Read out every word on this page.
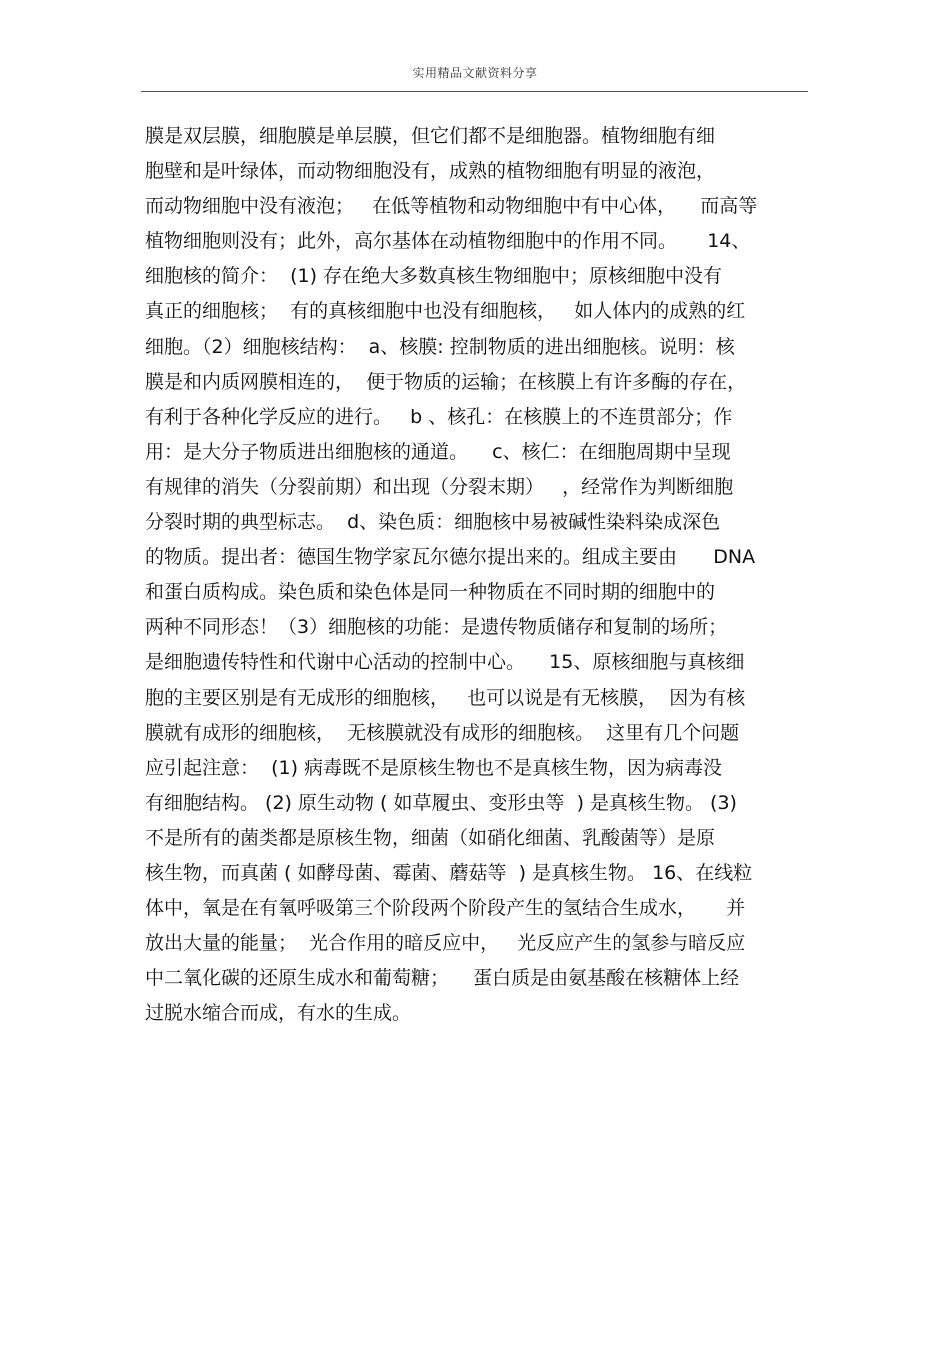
实用精品文献资料分享
膜是双层膜，细胞膜是单层膜，但它们都不是细胞器。植物细胞有细
胞壁和是叶绿体，而动物细胞没有，成熟的植物细胞有明显的液泡，
而动物细胞中没有液泡；   在低等植物和动物细胞中有中心体，    而高等
植物细胞则没有；此外，高尔基体在动植物细胞中的作用不同。     14、
细胞核的简介：  (1) 存在绝大多数真核生物细胞中；原核细胞中没有
真正的细胞核；  有的真核细胞中也没有细胞核，   如人体内的成熟的红
细胞。（2）细胞核结构：  a、核膜: 控制物质的进出细胞核。说明：核
膜是和内质网膜相连的，  便于物质的运输；在核膜上有许多酶的存在，
有利于各种化学反应的进行。   b 、核孔：在核膜上的不连贯部分；作
用：是大分子物质进出细胞核的通道。    c、核仁：在细胞周期中呈现
有规律的消失（分裂前期）和出现（分裂末期）   ，经常作为判断细胞
分裂时期的典型标志。  d、染色质：细胞核中易被碱性染料染成深色
的物质。提出者：德国生物学家瓦尔德尔提出来的。组成主要由      DNA
和蛋白质构成。染色质和染色体是同一种物质在不同时期的细胞中的
两种不同形态！（3）细胞核的功能：是遗传物质储存和复制的场所；
是细胞遗传特性和代谢中心活动的控制中心。    15、原核细胞与真核细
胞的主要区别是有无成形的细胞核，   也可以说是有无核膜，  因为有核
膜就有成形的细胞核，  无核膜就没有成形的细胞核。  这里有几个问题
应引起注意：  (1) 病毒既不是原核生物也不是真核生物，因为病毒没
有细胞结构。 (2) 原生动物 ( 如草履虫、变形虫等  ) 是真核生物。 (3)
不是所有的菌类都是原核生物，细菌（如硝化细菌、乳酸菌等）是原
核生物，而真菌 ( 如酵母菌、霉菌、蘑菇等  ) 是真核生物。 16、在线粒
体中，氧是在有氧呼吸第三个阶段两个阶段产生的氢结合生成水，     并
放出大量的能量；  光合作用的暗反应中，   光反应产生的氢参与暗反应
中二氧化碳的还原生成水和葡萄糖；    蛋白质是由氨基酸在核糖体上经
过脱水缩合而成，有水的生成。
